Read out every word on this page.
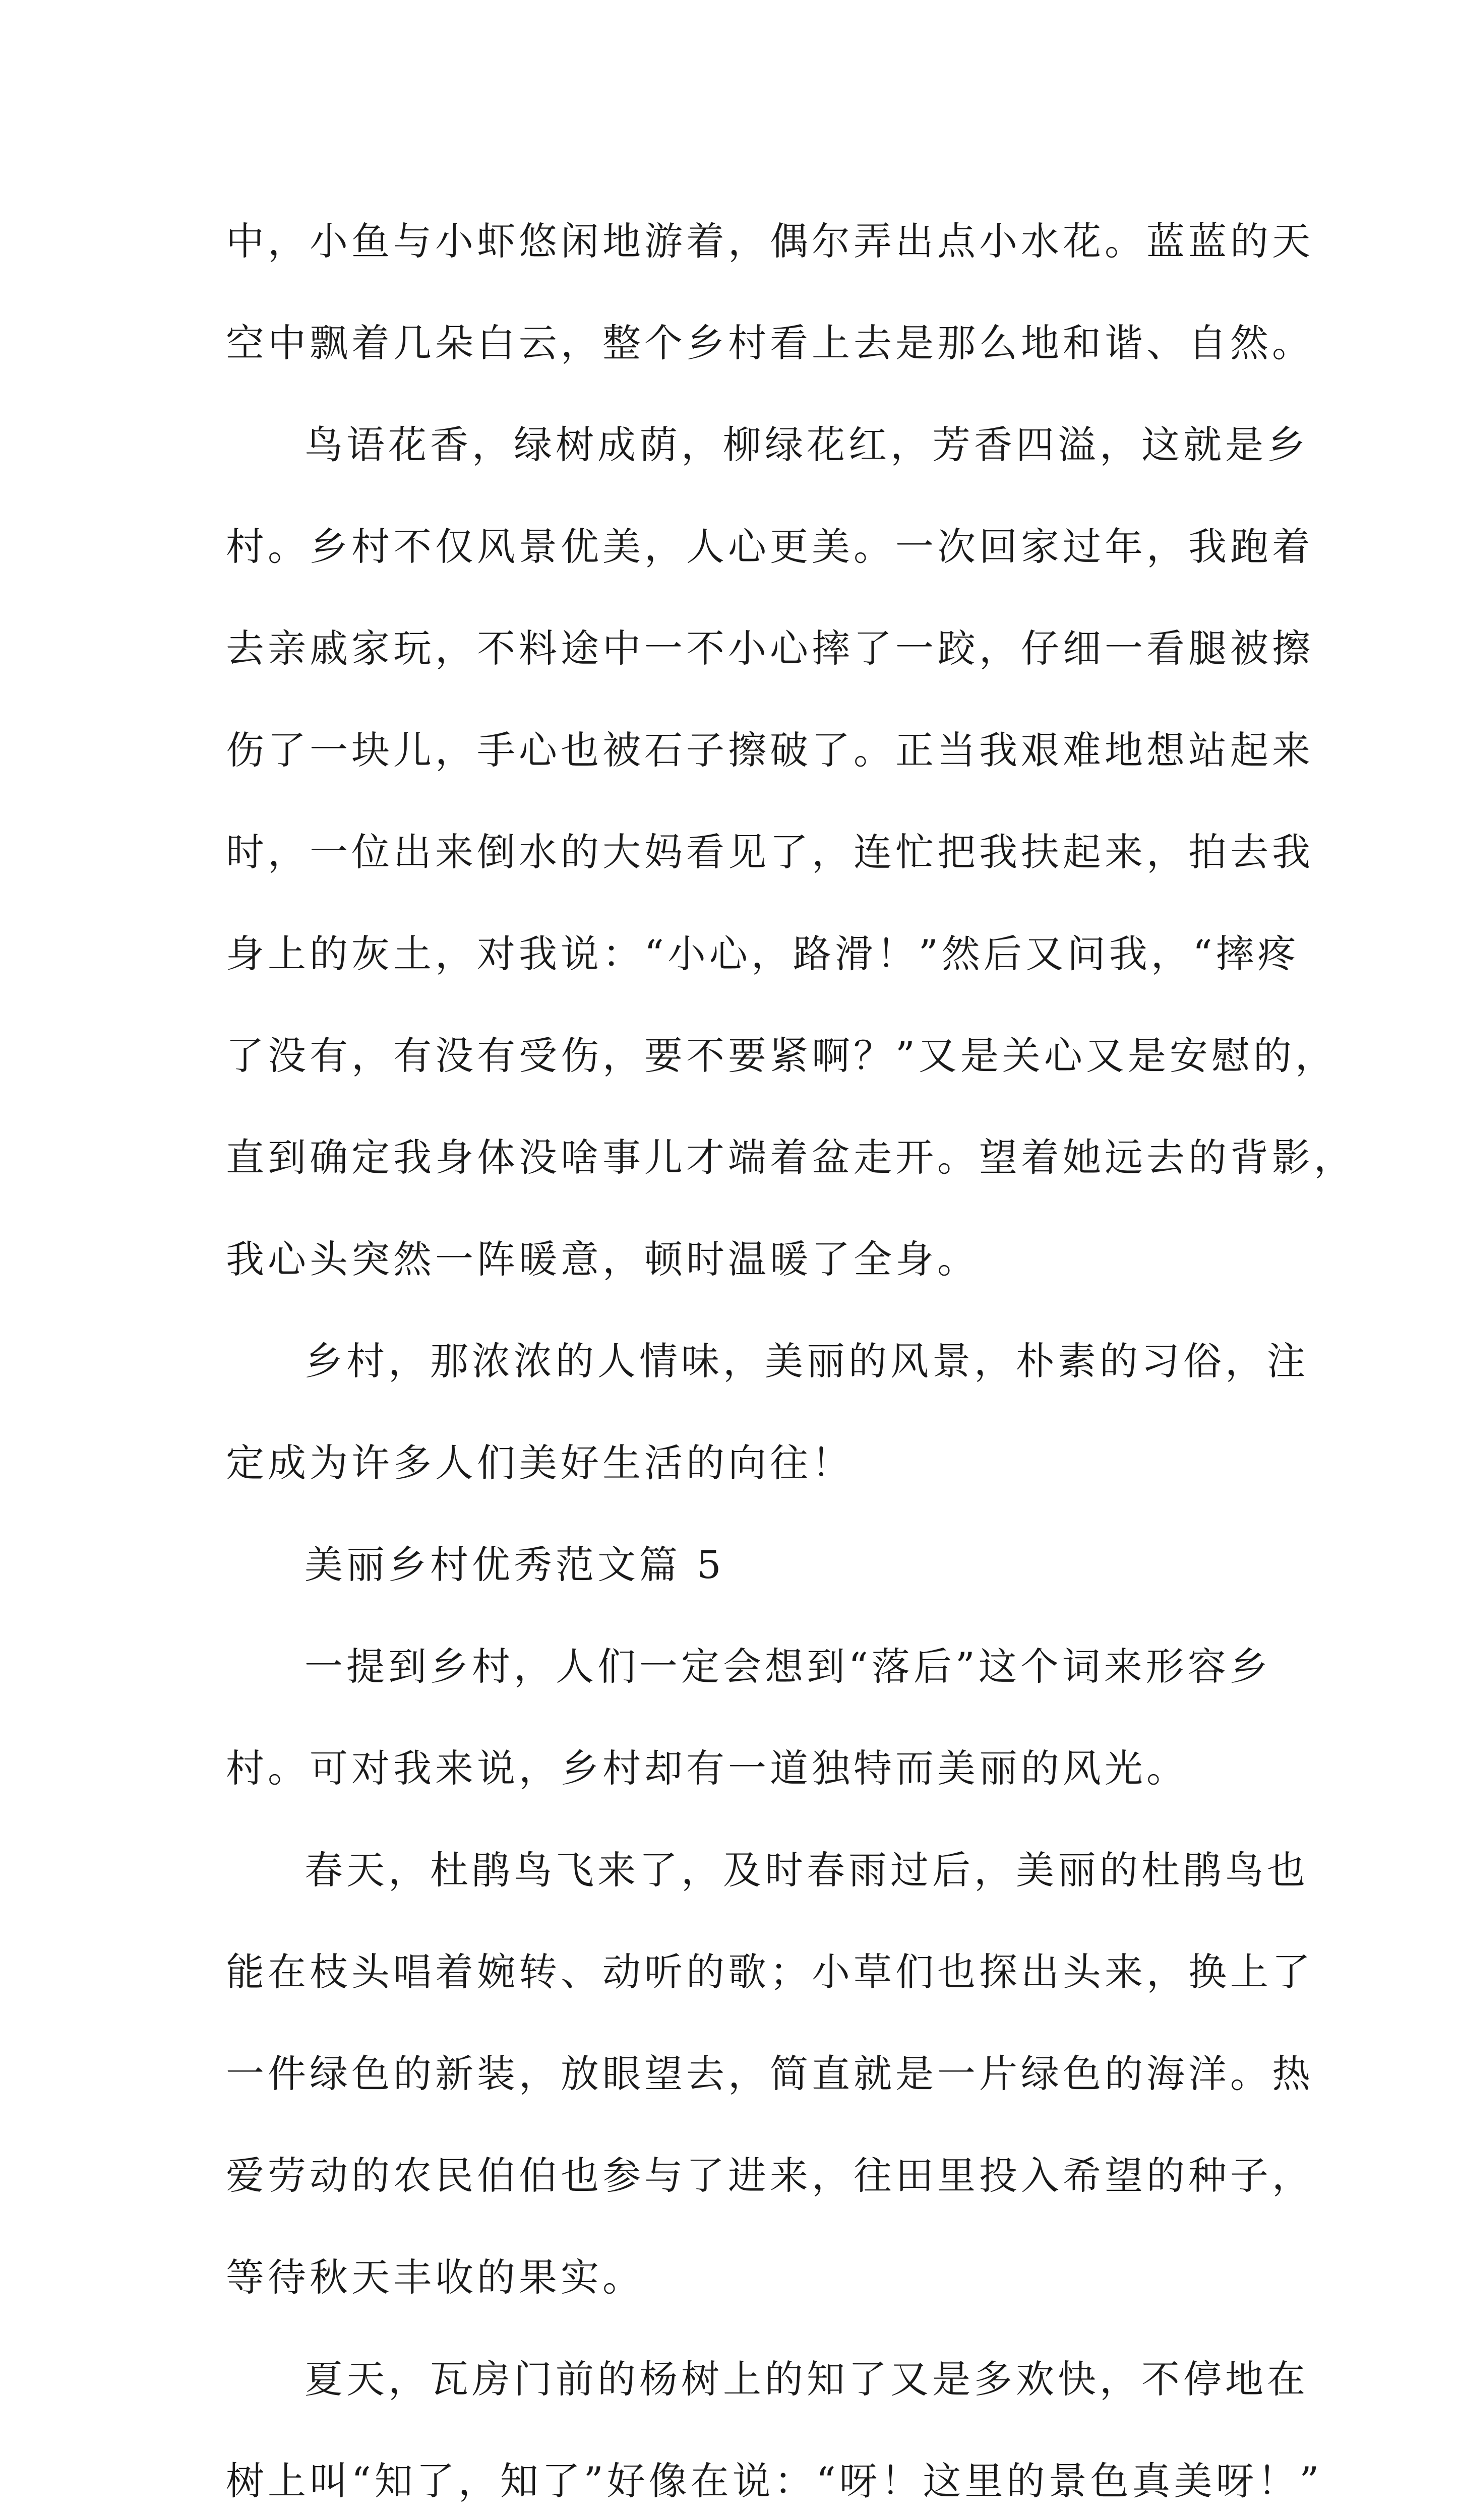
中，小鱼与小虾悠闲地游着，偶尔弄出点小水花。蓝蓝的天
空中飘着几朵白云，整个乡村看上去是那么地和谐、自然。
鸟语花香，绿树成荫，柳绿花红，芳香四溢，这就是乡
村。乡村不仅风景优美，人心更美。一次回家过年，我跑着
去亲戚家玩，不料途中一不小心摔了一跤，仔细一看腿被擦
伤了一块儿，手心也被石子擦破了。正当我艰难地想站起来
时，一位出来倒水的大妈看见了，连忙把我扶起来，拍去我
身上的灰土，对我说：“小心，路滑！”然后又问我，“摔疼
了没有，有没有受伤，要不要紧啊？”又是关心又是安慰的，
直到确定我身体没啥事儿才端着盆走开。望着她远去的背影，
我心头突然一阵暖意，顿时温暖了全身。
乡村，那浓浓的人情味，美丽的风景，朴素的习俗，注
定成为许多人们美好生活的向往！
美丽乡村优秀范文篇 5
一提到乡村，人们一定会想到“落后”这个词来形容乡
村。可对我来说，乡村却有一道独特而美丽的风光。
春天，杜鹃鸟飞来了，及时春雨过后，美丽的杜鹃鸟也
能在枝头唱着婉转、动听的歌；小草们也探出头来，换上了
一件绿色的新装，放眼望去，简直就是一片绿色的海洋。热
爱劳动的农民伯伯也参与了进来，往田里投入希望的种子，
等待秋天丰收的果实。
夏天，瓦房门前的杨树上的知了又是多欢快，不停地在
树上叫“知了，知了”好像在说：“呀！这里的景色真美呀！”
